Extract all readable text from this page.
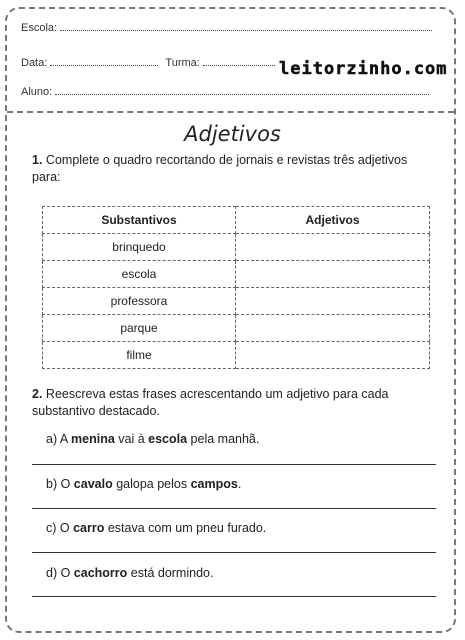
Escola:
Data:	Turma:
Aluno:
leitorzinho.com
Adjetivos
1. Complete o quadro recortando de jornais e revistas três adjetivos para:
Substantivos	Adjetivos
brinquedo	
escola	
professora	
parque	
filme	
2. Reescreva estas frases acrescentando um adjetivo para cada substantivo destacado.
a) A menina vai à escola pela manhã.
b) O cavalo galopa pelos campos.
c) O carro estava com um pneu furado.
d) O cachorro está dormindo.
